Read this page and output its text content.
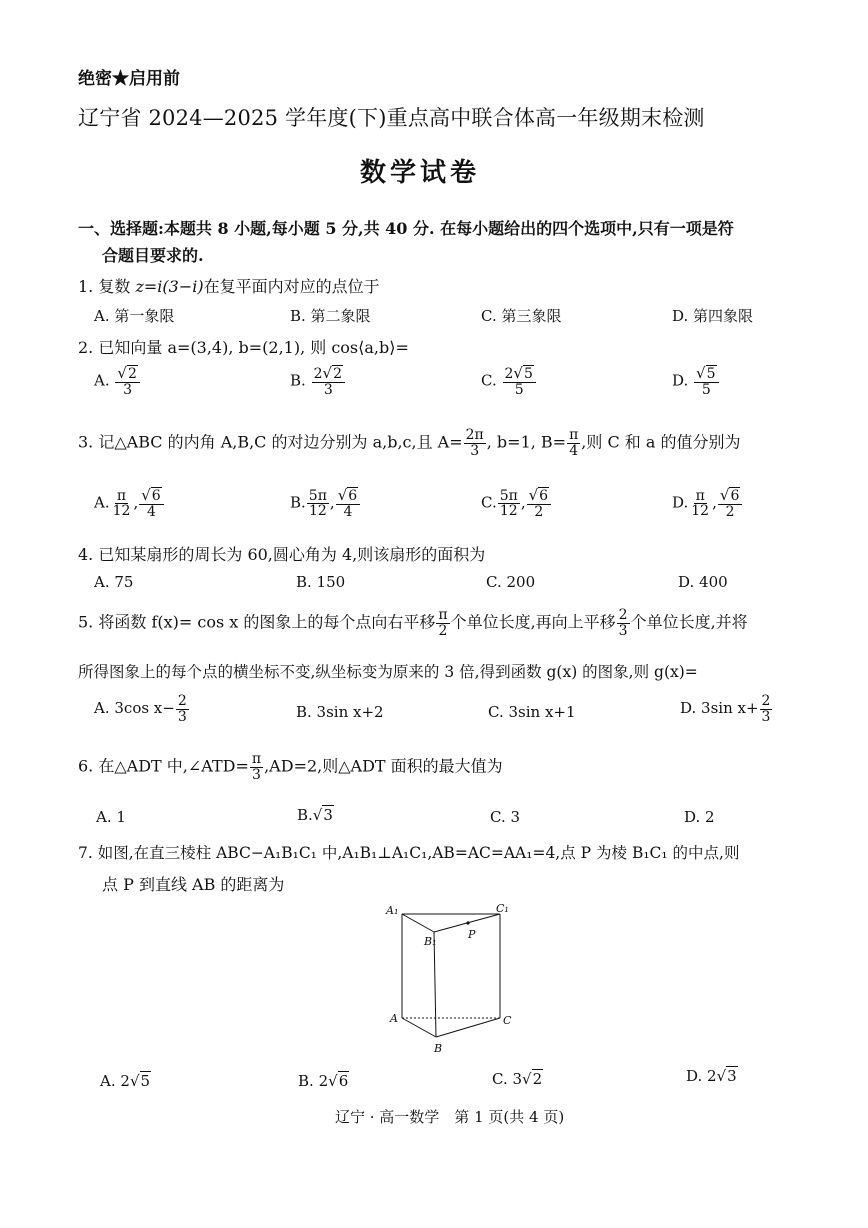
绝密★启用前
辽宁省 2024—2025 学年度(下)重点高中联合体高一年级期末检测
数学试卷
一、选择题:本题共 8 小题,每小题 5 分,共 40 分. 在每小题给出的四个选项中,只有一项是符
合题目要求的.
1. 复数 z=i(3−i)在复平面内对应的点位于
A. 第一象限	B. 第二象限	C. 第三象限	D. 第四象限
2. 已知向量 a=(3,4), b=(2,1), 则 cos⟨a,b⟩=
A. $\frac{√2}{3}$	B. $\frac{2√2}{3}$	C. $\frac{2√5}{5}$	D. $\frac{√5}{5}$
3. 记△ABC 的内角 A,B,C 的对边分别为 a,b,c,且 $A= \frac{2\pi}{3}$ , b=1, $B= \frac{\pi}{4}$ ,则 C 和 a 的值分别为
A. $\frac{\pi}{12}$ , $\frac{√6}{4}$	B. $\frac{5\pi}{12}$ , $\frac{√6}{4}$	C. $\frac{5\pi}{12}$ , $\frac{√6}{2}$	D. $\frac{\pi}{12}$ , $\frac{√6}{2}$
4. 已知某扇形的周长为 60,圆心角为 4,则该扇形的面积为
A. 75	B. 150	C. 200	D. 400
5. 将函数 f(x)= cos x 的图象上的每个点向右平移 $\frac{\pi}{2}$ 个单位长度,再向上平移 $\frac{2}{3}$ 个单位长度,并将
所得图象上的每个点的横坐标不变,纵坐标变为原来的 3 倍,得到函数 g(x) 的图象,则 g(x)=
A. 3cos $x- \frac{2}{3}$	B. 3sin x+2	C. 3sin x+1	D. 3sin $x+ \frac{2}{3}$
6. 在△ADT 中,∠ATD= $\frac{\pi}{3} ,AD=2$,则△ADT 面积的最大值为
A. 1	B.√3	C. 3	D. 2
7. 如图,在直三棱柱 ABC−A₁B₁C₁ 中,A₁B₁⊥A₁C₁,AB=AC=AA₁=4,点 P 为棱 B₁C₁ 的中点,则
点 P 到直线 AB 的距离为
A₁
B₁
C₁
P
A
B
C
A. 2√5	B. 2√6	C. 3√2	D. 2√3
辽宁 · 高一数学　第 1 页(共 4 页)
